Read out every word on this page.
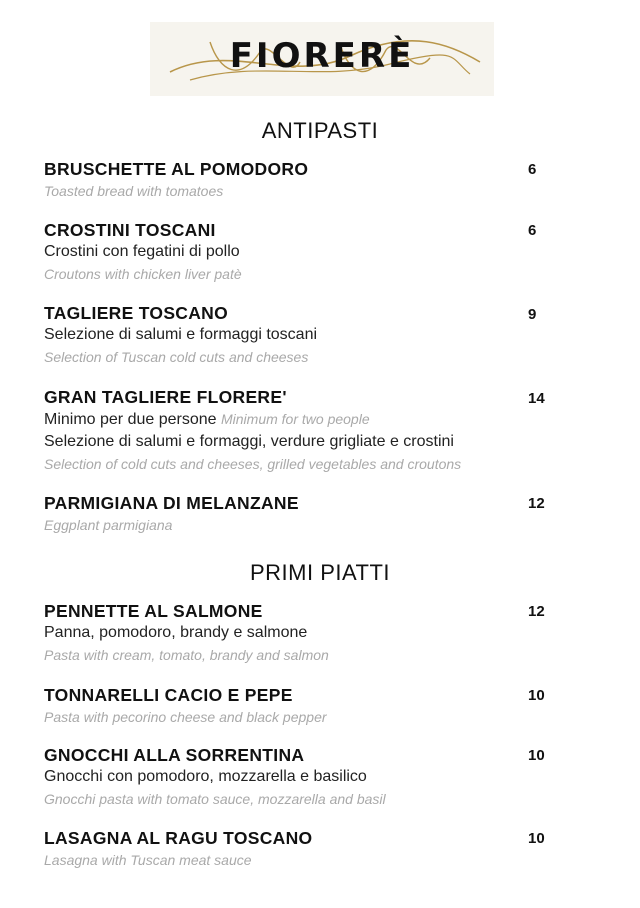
FIORERÈ
ANTIPASTI
BRUSCHETTE AL POMODORO
Toasted bread with tomatoes
6
CROSTINI TOSCANI
Crostini con fegatini di pollo
Croutons with chicken liver patè
6
TAGLIERE TOSCANO
Selezione di salumi e formaggi toscani
Selection of Tuscan cold cuts and cheeses
9
GRAN TAGLIERE FLORERE'
Minimo per due persone Minimum for two people
Selezione di salumi e formaggi, verdure grigliate e crostini
Selection of cold cuts and cheeses, grilled vegetables and croutons
14
PARMIGIANA DI MELANZANE
Eggplant parmigiana
12
PRIMI PIATTI
PENNETTE AL SALMONE
Panna, pomodoro, brandy e salmone
Pasta with cream, tomato, brandy and salmon
12
TONNARELLI CACIO E PEPE
Pasta with pecorino cheese and black pepper
10
GNOCCHI ALLA SORRENTINA
Gnocchi con pomodoro, mozzarella e basilico
Gnocchi pasta with tomato sauce, mozzarella and basil
10
LASAGNA AL RAGU TOSCANO
Lasagna with Tuscan meat sauce
10
